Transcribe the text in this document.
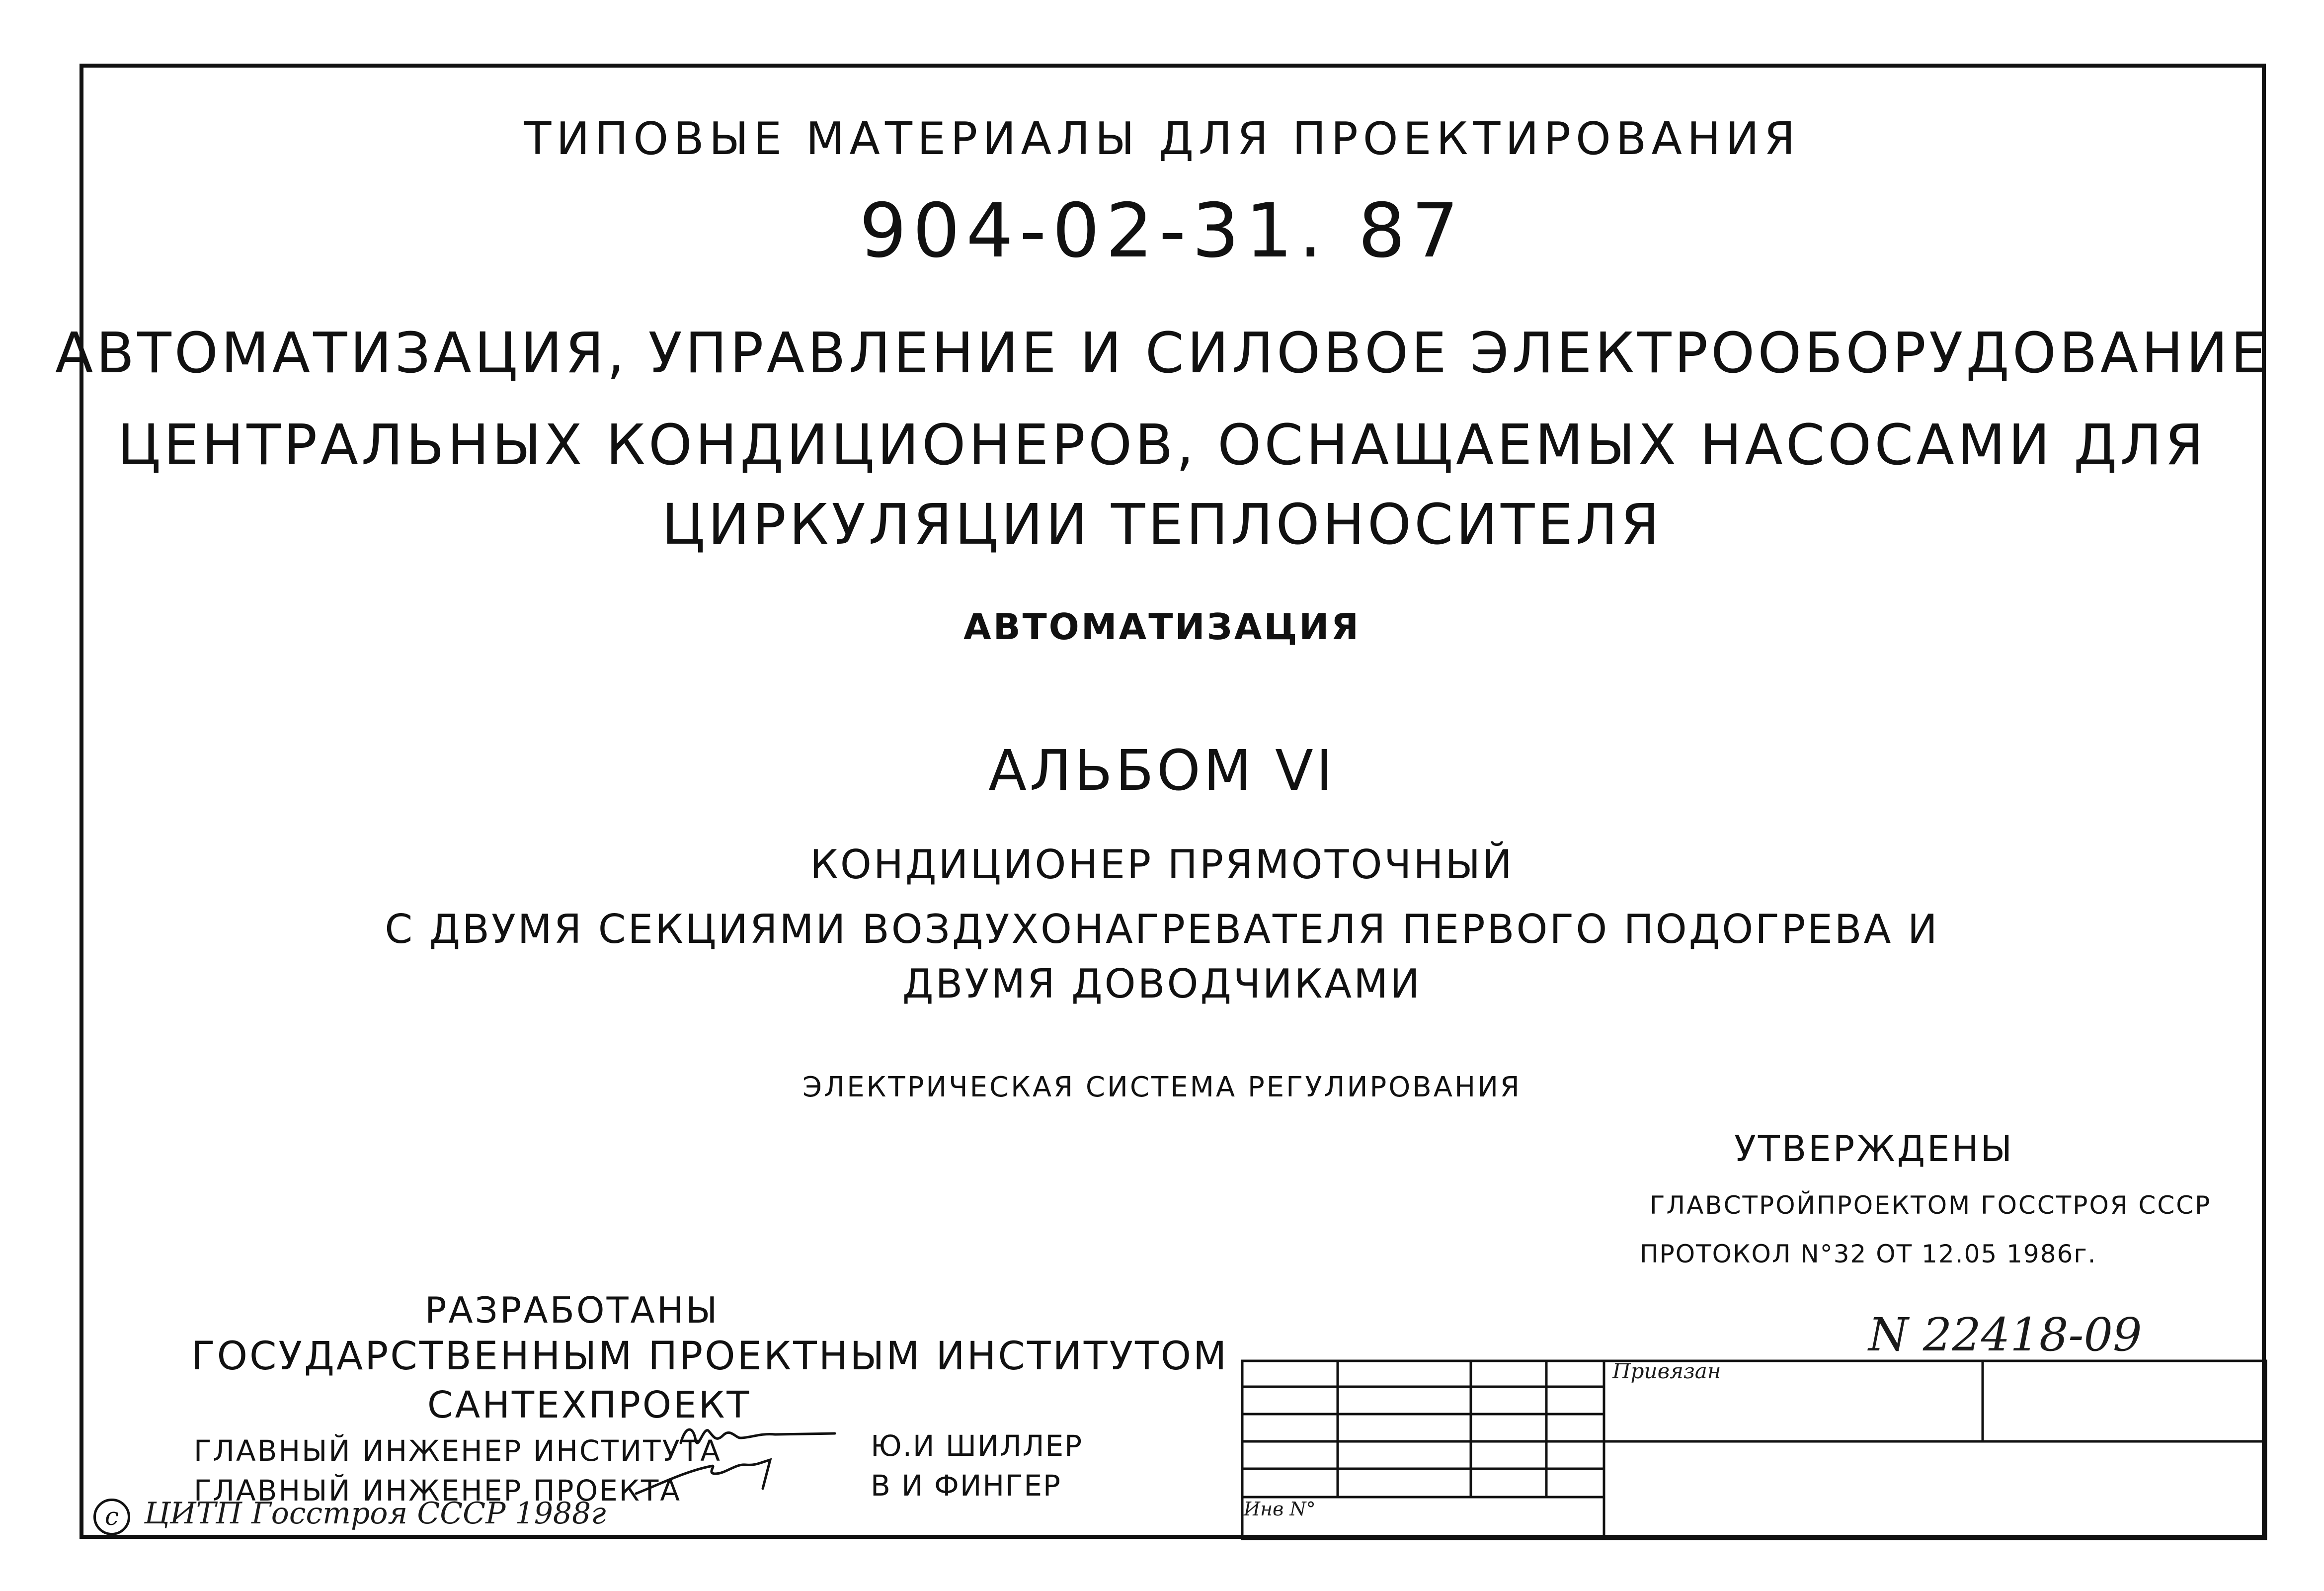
ТИПОВЫЕ МАТЕРИАЛЫ ДЛЯ ПРОЕКТИРОВАНИЯ

904-02-31. 87

АВТОМАТИЗАЦИЯ, УПРАВЛЕНИЕ И СИЛОВОЕ ЭЛЕКТРООБОРУДОВАНИЕ

ЦЕНТРАЛЬНЫХ КОНДИЦИОНЕРОВ, ОСНАЩАЕМЫХ НАСОСАМИ ДЛЯ

ЦИРКУЛЯЦИИ ТЕПЛОНОСИТЕЛЯ

АВТОМАТИЗАЦИЯ

АЛЬБОМ VI

КОНДИЦИОНЕР ПРЯМОТОЧНЫЙ

С ДВУМЯ СЕКЦИЯМИ ВОЗДУХОНАГРЕВАТЕЛЯ ПЕРВОГО ПОДОГРЕВА И

ДВУМЯ ДОВОДЧИКАМИ

ЭЛЕКТРИЧЕСКАЯ СИСТЕМА РЕГУЛИРОВАНИЯ

УТВЕРЖДЕНЫ

ГЛАВСТРОЙПРОЕКТОМ ГОССТРОЯ СССР

ПРОТОКОЛ N°32 ОТ 12.05 1986г.

РАЗРАБОТАНЫ

ГОСУДАРСТВЕННЫМ ПРОЕКТНЫМ ИНСТИТУТОМ

САНТЕХПРОЕКТ

ГЛАВНЫЙ ИНЖЕНЕР ИНСТИТУТА

ГЛАВНЫЙ ИНЖЕНЕР ПРОЕКТА

Ю.И ШИЛЛЕР

В И ФИНГЕР

N 22418-09

Привязан

Инв N°

c ЦИТП Госстроя СССР 1988г
